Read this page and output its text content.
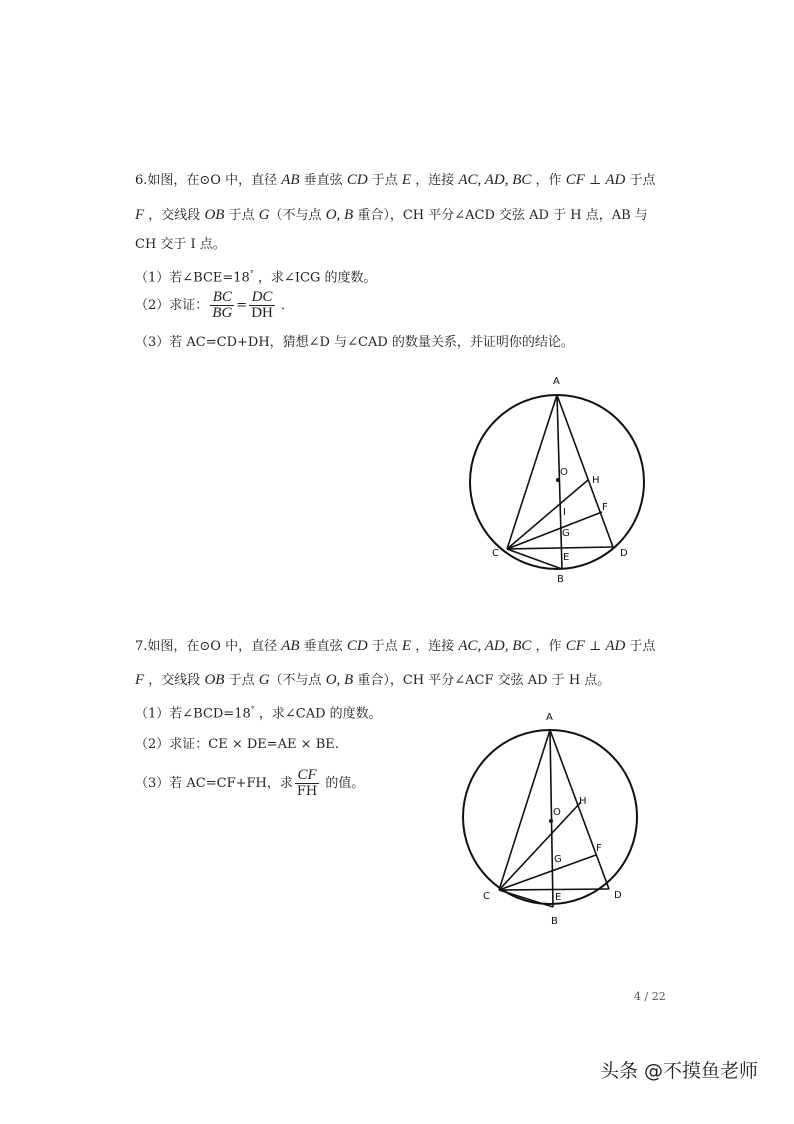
6.如图，在⊙O 中，直径 AB 垂直弦 CD 于点 E ，连接 AC, AD, BC ，作 CF ⊥ AD 于点
F ，交线段 OB 于点 G（不与点 O, B 重合），CH 平分∠ACD 交弦 AD 于 H 点，AB 与
CH 交于 I 点。
（1）若∠BCE=18° ，求∠ICG 的度数。
（2）求证： $\frac{BC}{BG} = \frac{DC}{DH}$ ．
（3）若 AC=CD+DH，猜想∠D 与∠CAD 的数量关系，并证明你的结论。
A
O
H
F
I
G
C	E	D
B
7.如图，在⊙O 中，直径 AB 垂直弦 CD 于点 E ，连接 AC, AD, BC ，作 CF ⊥ AD 于点
F ，交线段 OB 于点 G（不与点 O, B 重合），CH 平分∠ACF 交弦 AD 于 H 点。
（1）若∠BCD=18° ，求∠CAD 的度数。
（2）求证：CE × DE=AE × BE.
（3）若 AC=CF+FH，求 $\frac{CF}{FH}$ 的值。
A
O
H
F
G
C	E	D
B
4 / 22
头条 @不摸鱼老师
